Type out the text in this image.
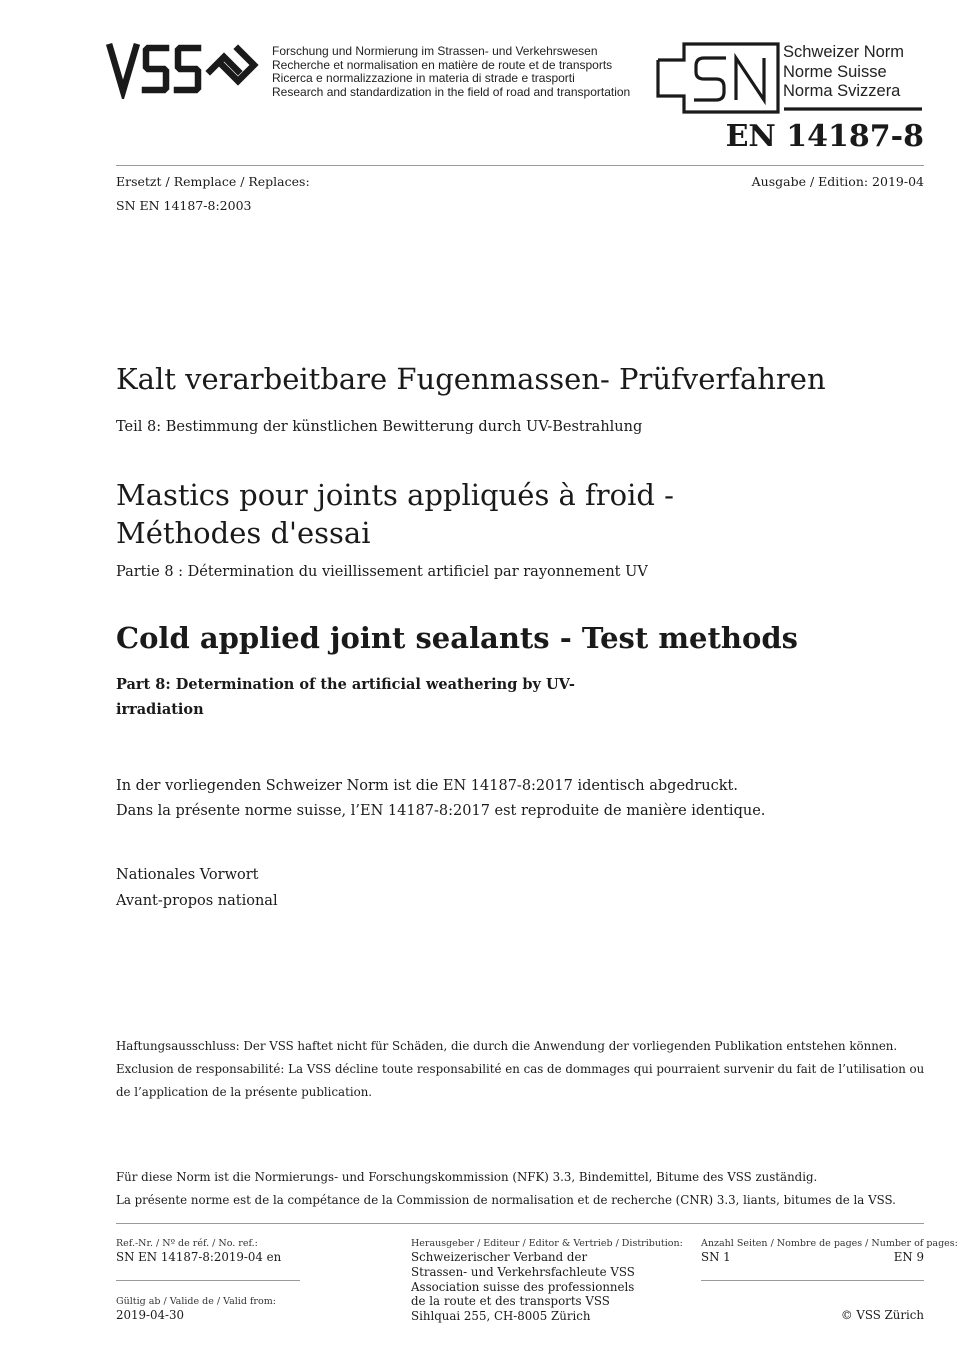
Forschung und Normierung im Strassen- und Verkehrswesen
Recherche et normalisation en matière de route et de transports
Ricerca e normalizzazione in materia di strade e trasporti
Research and standardization in the field of road and transportation
Schweizer Norm
Norme Suisse
Norma Svizzera
EN 14187-8
Ersetzt / Remplace / Replaces:
SN EN 14187-8:2003
Ausgabe / Edition: 2019-04
Kalt verarbeitbare Fugenmassen- Prüfverfahren
Teil 8: Bestimmung der künstlichen Bewitterung durch UV-Bestrahlung
Mastics pour joints appliqués à froid -
Méthodes d'essai
Partie 8 : Détermination du vieillissement artificiel par rayonnement UV
Cold applied joint sealants - Test methods
Part 8: Determination of the artificial weathering by UV-
irradiation
In der vorliegenden Schweizer Norm ist die EN 14187-8:2017 identisch abgedruckt.
Dans la présente norme suisse, l’EN 14187-8:2017 est reproduite de manière identique.
Nationales Vorwort
Avant-propos national
Haftungsausschluss: Der VSS haftet nicht für Schäden, die durch die Anwendung der vorliegenden Publikation entstehen können.
Exclusion de responsabilité: La VSS décline toute responsabilité en cas de dommages qui pourraient survenir du fait de l’utilisation ou
de l’application de la présente publication.
Für diese Norm ist die Normierungs- und Forschungskommission (NFK) 3.3, Bindemittel, Bitume des VSS zuständig.
La présente norme est de la compétance de la Commission de normalisation et de recherche (CNR) 3.3, liants, bitumes de la VSS.
Ref.-Nr. / Nº de réf. / No. ref.:
SN EN 14187-8:2019-04 en
Gültig ab / Valide de / Valid from:
2019-04-30
Herausgeber / Editeur / Editor & Vertrieb / Distribution:
Schweizerischer Verband der
Strassen- und Verkehrsfachleute VSS
Association suisse des professionnels
de la route et des transports VSS
Sihlquai 255, CH-8005 Zürich
Anzahl Seiten / Nombre de pages / Number of pages:
SN 1	EN 9
© VSS Zürich
